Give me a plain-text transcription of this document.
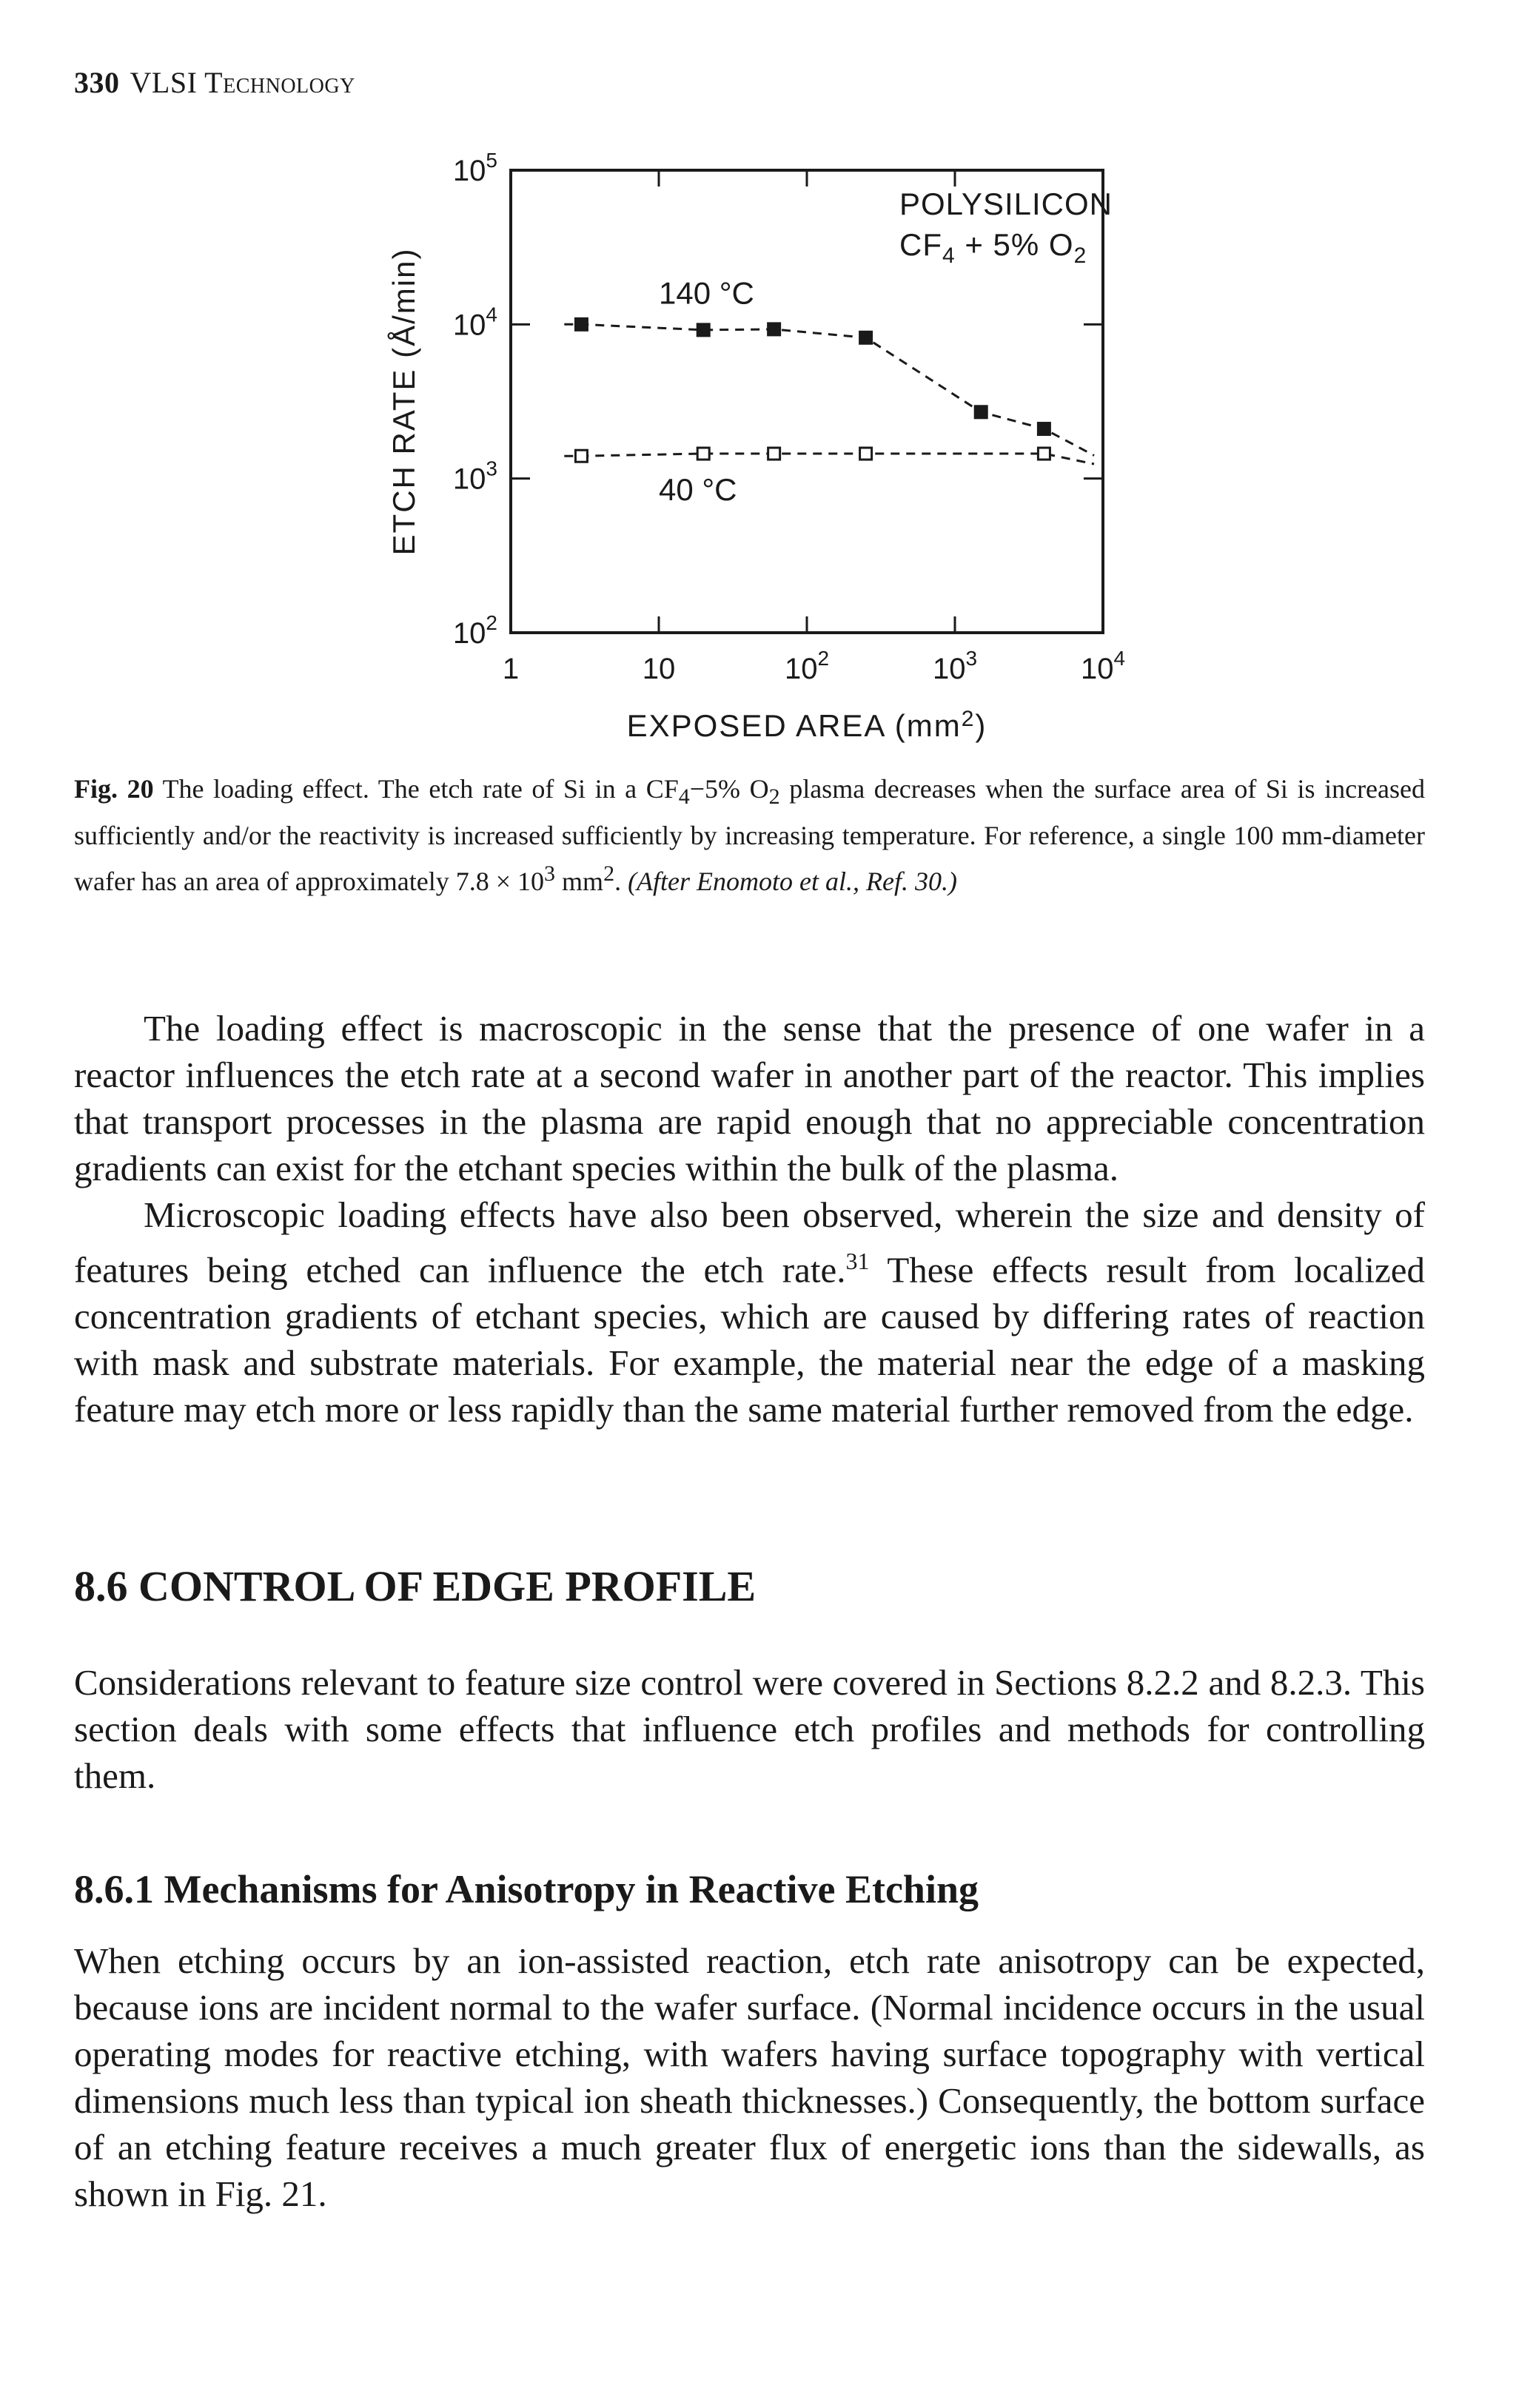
330 VLSI Technology
1	10	$10^2$	$10^3$	$10^4$
$10^2$
$10^3$
$10^4$
$10^5$
EXPOSED AREA $(mm^2)$
ETCH RATE (Å/min)
POLYSILICON
$CF_4 + 5\%$ $O_2$
140 °C
40 °C
Fig. 20 The loading effect. The etch rate of Si in a $CF_4-5\%$ $O_2$ plasma decreases when the surface area of Si is increased sufficiently and/or the reactivity is increased sufficiently by increasing temperature. For reference, a single 100 mm-diameter wafer has an area of approximately $7.8 \times 10^3$ $mm^2$. (After Enomoto et al., Ref. 30.)

The loading effect is macroscopic in the sense that the presence of one wafer in a reactor influences the etch rate at a second wafer in another part of the reactor. This implies that transport processes in the plasma are rapid enough that no appreciable concentration gradients can exist for the etchant species within the bulk of the plasma.

Microscopic loading effects have also been observed, wherein the size and density of features being etched can influence the etch rate.$^{31}$ These effects result from localized concentration gradients of etchant species, which are caused by differing rates of reaction with mask and substrate materials. For example, the material near the edge of a masking feature may etch more or less rapidly than the same material further removed from the edge.

8.6 CONTROL OF EDGE PROFILE

Considerations relevant to feature size control were covered in Sections 8.2.2 and 8.2.3. This section deals with some effects that influence etch profiles and methods for controlling them.

8.6.1 Mechanisms for Anisotropy in Reactive Etching

When etching occurs by an ion-assisted reaction, etch rate anisotropy can be expected, because ions are incident normal to the wafer surface. (Normal incidence occurs in the usual operating modes for reactive etching, with wafers having surface topography with vertical dimensions much less than typical ion sheath thicknesses.) Consequently, the bottom surface of an etching feature receives a much greater flux of energetic ions than the sidewalls, as shown in Fig. 21.
